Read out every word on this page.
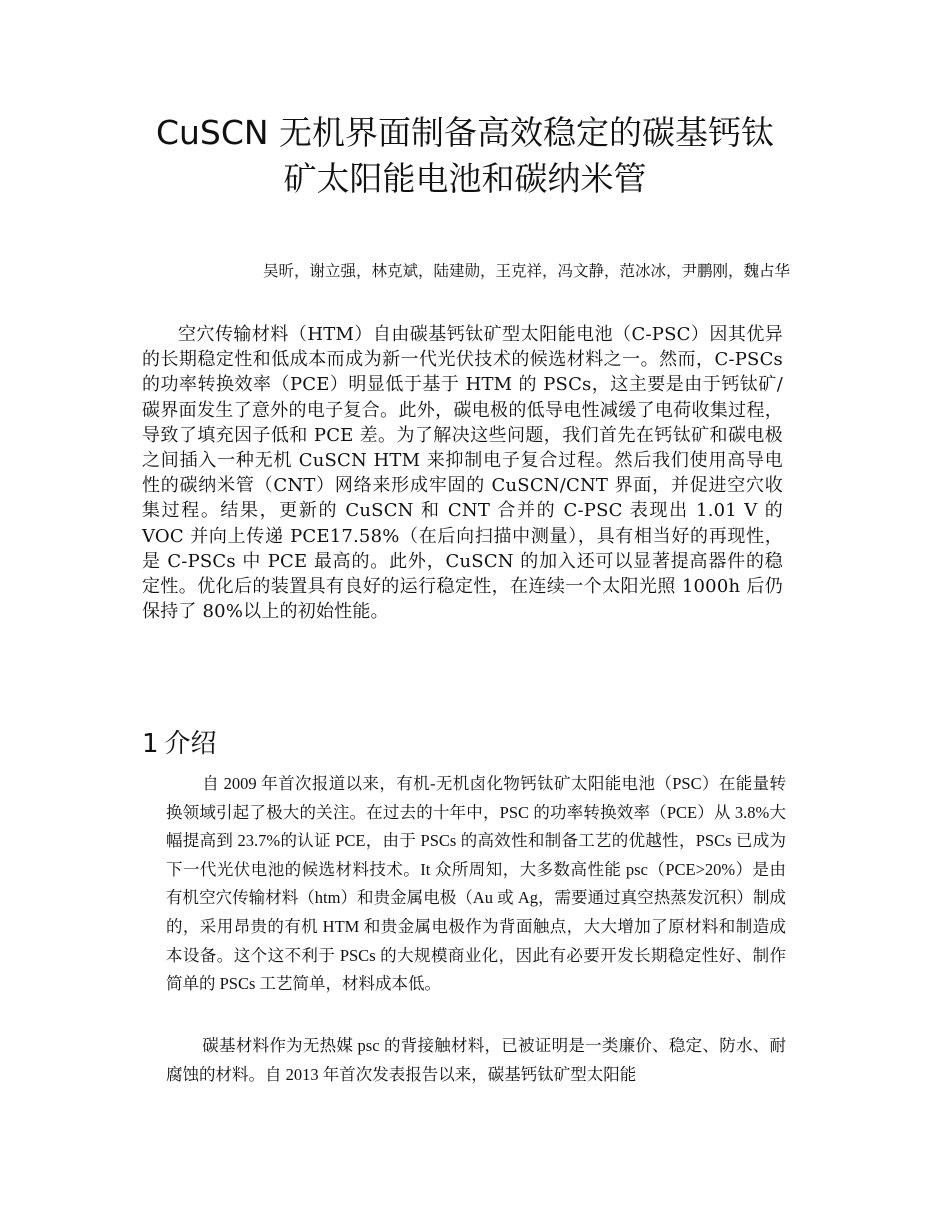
CuSCN 无机界面制备高效稳定的碳基钙钛矿太阳能电池和碳纳米管

吴昕，谢立强，林克斌，陆建勋，王克祥，冯文静，范冰冰，尹鹏刚，魏占华

空穴传输材料（HTM）自由碳基钙钛矿型太阳能电池（C-PSC）因其优异的长期稳定性和低成本而成为新一代光伏技术的候选材料之一。然而，C-PSCs 的功率转换效率（PCE）明显低于基于 HTM 的 PSCs，这主要是由于钙钛矿/碳界面发生了意外的电子复合。此外，碳电极的低导电性减缓了电荷收集过程，导致了填充因子低和 PCE 差。为了解决这些问题，我们首先在钙钛矿和碳电极之间插入一种无机 CuSCN HTM 来抑制电子复合过程。然后我们使用高导电性的碳纳米管（CNT）网络来形成牢固的 CuSCN/CNT 界面，并促进空穴收集过程。结果，更新的 CuSCN 和 CNT 合并的 C-PSC 表现出 1.01 V 的 VOC 并向上传递 PCE17.58%（在后向扫描中测量），具有相当好的再现性，是 C-PSCs 中 PCE 最高的。此外，CuSCN 的加入还可以显著提高器件的稳定性。优化后的装置具有良好的运行稳定性，在连续一个太阳光照 1000h 后仍保持了 80%以上的初始性能。

1 介绍

自 2009 年首次报道以来，有机-无机卤化物钙钛矿太阳能电池（PSC）在能量转换领域引起了极大的关注。在过去的十年中，PSC 的功率转换效率（PCE）从 3.8%大幅提高到 23.7%的认证 PCE，由于 PSCs 的高效性和制备工艺的优越性，PSCs 已成为下一代光伏电池的候选材料技术。It 众所周知，大多数高性能 psc（PCE>20%）是由有机空穴传输材料（htm）和贵金属电极（Au 或 Ag，需要通过真空热蒸发沉积）制成的，采用昂贵的有机 HTM 和贵金属电极作为背面触点，大大增加了原材料和制造成本设备。这个这不利于 PSCs 的大规模商业化，因此有必要开发长期稳定性好、制作简单的 PSCs 工艺简单，材料成本低。

碳基材料作为无热媒 psc 的背接触材料，已被证明是一类廉价、稳定、防水、耐腐蚀的材料。自 2013 年首次发表报告以来，碳基钙钛矿型太阳能
